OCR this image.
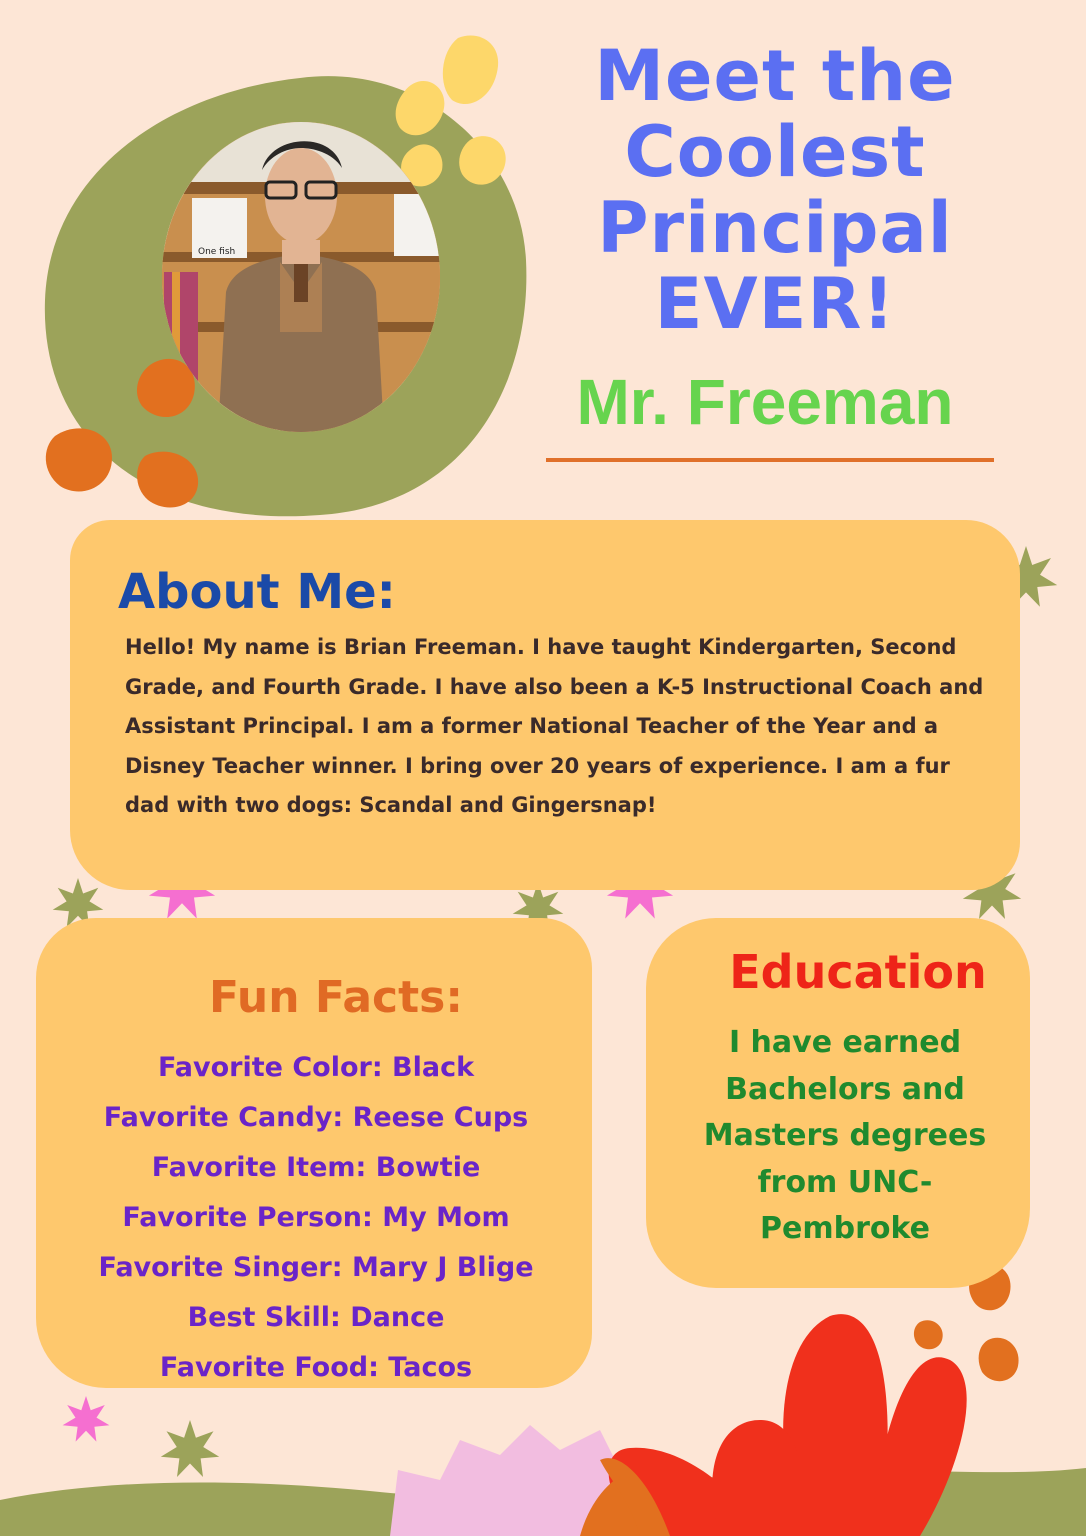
One fish
Meet the
Coolest
Principal
EVER!
Mr. Freeman
About Me:

Hello! My name is Brian Freeman. I have taught Kindergarten, Second Grade, and Fourth Grade. I have also been a K-5 Instructional Coach and Assistant Principal. I am a former National Teacher of the Year and a Disney Teacher winner. I bring over 20 years of experience. I am a fur dad with two dogs: Scandal and Gingersnap!

Fun Facts:
Favorite Color: Black
Favorite Candy: Reese Cups
Favorite Item: Bowtie
Favorite Person: My Mom
Favorite Singer: Mary J Blige
Best Skill: Dance
Favorite Food: Tacos
Education

I have earned Bachelors and Masters degrees from UNC-Pembroke
